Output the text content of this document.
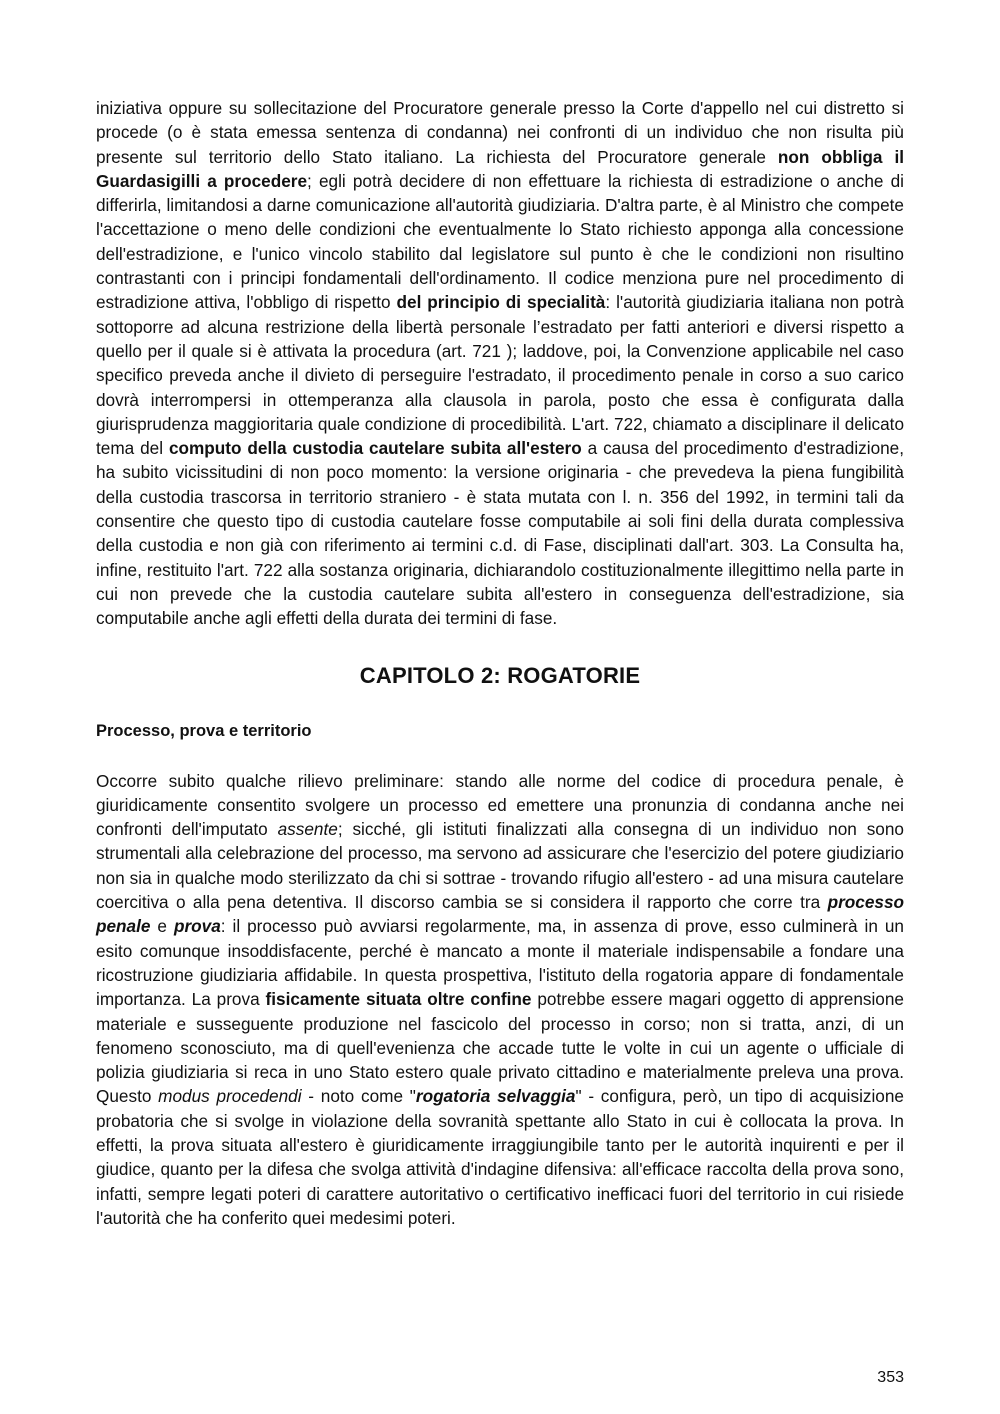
iniziativa oppure su sollecitazione del Procuratore generale presso la Corte d'appello nel cui distretto si procede (o è stata emessa sentenza di condanna) nei confronti di un individuo che non risulta più presente sul territorio dello Stato italiano. La richiesta del Procuratore generale non obbliga il Guardasigilli a procedere; egli potrà decidere di non effettuare la richiesta di estradizione o anche di differirla, limitandosi a darne comunicazione all'autorità giudiziaria. D'altra parte, è al Ministro che compete l'accettazione o meno delle condizioni che eventualmente lo Stato richiesto apponga alla concessione dell'estradizione, e l'unico vincolo stabilito dal legislatore sul punto è che le condizioni non risultino contrastanti con i principi fondamentali dell'ordinamento. Il codice menziona pure nel procedimento di estradizione attiva, l'obbligo di rispetto del principio di specialità: l'autorità giudiziaria italiana non potrà sottoporre ad alcuna restrizione della libertà personale l’estradato per fatti anteriori e diversi rispetto a quello per il quale si è attivata la procedura (art. 721 ); laddove, poi, la Convenzione applicabile nel caso specifico preveda anche il divieto di perseguire l'estradato, il procedimento penale in corso a suo carico dovrà interrompersi in ottemperanza alla clausola in parola, posto che essa è configurata dalla giurisprudenza maggioritaria quale condizione di procedibilità. L'art. 722, chiamato a disciplinare il delicato tema del computo della custodia cautelare subita all'estero a causa del procedimento d'estradizione, ha subito vicissitudini di non poco momento: la versione originaria - che prevedeva la piena fungibilità della custodia trascorsa in territorio straniero - è stata mutata con l. n. 356 del 1992, in termini tali da consentire che questo tipo di custodia cautelare fosse computabile ai soli fini della durata complessiva della custodia e non già con riferimento ai termini c.d. di Fase, disciplinati dall'art. 303. La Consulta ha, infine, restituito l'art. 722 alla sostanza originaria, dichiarandolo costituzionalmente illegittimo nella parte in cui non prevede che la custodia cautelare subita all'estero in conseguenza dell'estradizione, sia computabile anche agli effetti della durata dei termini di fase.

CAPITOLO 2: ROGATORIE
Processo, prova e territorio

Occorre subito qualche rilievo preliminare: stando alle norme del codice di procedura penale, è giuridicamente consentito svolgere un processo ed emettere una pronunzia di condanna anche nei confronti dell'imputato assente; sicché, gli istituti finalizzati alla consegna di un individuo non sono strumentali alla celebrazione del processo, ma servono ad assicurare che l'esercizio del potere giudiziario non sia in qualche modo sterilizzato da chi si sottrae - trovando rifugio all'estero - ad una misura cautelare coercitiva o alla pena detentiva. Il discorso cambia se si considera il rapporto che corre tra processo penale e prova: il processo può avviarsi regolarmente, ma, in assenza di prove, esso culminerà in un esito comunque insoddisfacente, perché è mancato a monte il materiale indispensabile a fondare una ricostruzione giudiziaria affidabile. In questa prospettiva, l'istituto della rogatoria appare di fondamentale importanza. La prova fisicamente situata oltre confine potrebbe essere magari oggetto di apprensione materiale e susseguente produzione nel fascicolo del processo in corso; non si tratta, anzi, di un fenomeno sconosciuto, ma di quell'evenienza che accade tutte le volte in cui un agente o ufficiale di polizia giudiziaria si reca in uno Stato estero quale privato cittadino e materialmente preleva una prova. Questo modus procedendi - noto come "rogatoria selvaggia" - configura, però, un tipo di acquisizione probatoria che si svolge in violazione della sovranità spettante allo Stato in cui è collocata la prova. In effetti, la prova situata all'estero è giuridicamente irraggiungibile tanto per le autorità inquirenti e per il giudice, quanto per la difesa che svolga attività d'indagine difensiva: all'efficace raccolta della prova sono, infatti, sempre legati poteri di carattere autoritativo o certificativo inefficaci fuori del territorio in cui risiede l'autorità che ha conferito quei medesimi poteri.

353
